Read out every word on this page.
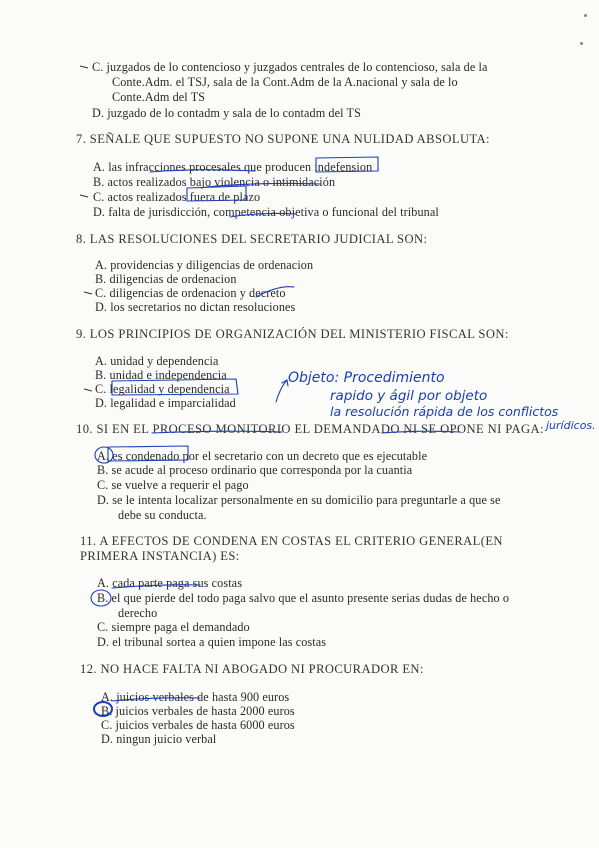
C. juzgados de lo contencioso y juzgados centrales de lo contencioso, sala de la
Conte.Adm. el TSJ, sala de la Cont.Adm de la A.nacional y sala de lo
Conte.Adm del TS
D. juzgado de lo contadm y sala de lo contadm del TS
7. SEÑALE QUE SUPUESTO NO SUPONE UNA NULIDAD ABSOLUTA:
A. las infracciones procesales que producen indefension
B. actos realizados bajo violencia o intimidación
C. actos realizados fuera de plazo
D. falta de jurisdicción, competencia objetiva o funcional del tribunal
8. LAS RESOLUCIONES DEL SECRETARIO JUDICIAL SON:
A. providencias y diligencias de ordenacion
B. diligencias de ordenacion
C. diligencias de ordenacion y decreto
D. los secretarios no dictan resoluciones
9. LOS PRINCIPIOS DE ORGANIZACIÓN DEL MINISTERIO FISCAL SON:
A. unidad y dependencia
B. unidad e independencia
C. legalidad y dependencia
D. legalidad e imparcialidad
10. SI EN EL PROCESO MONITORIO EL DEMANDADO NI SE OPONE NI PAGA:
A. es condenado por el secretario con un decreto que es ejecutable
B. se acude al proceso ordinario que corresponda por la cuantia
C. se vuelve a requerir el pago
D. se le intenta localizar personalmente en su domicilio para preguntarle a que se
debe su conducta.
11. A EFECTOS DE CONDENA EN COSTAS EL CRITERIO GENERAL(EN
PRIMERA INSTANCIA) ES:
A. cada parte paga sus costas
B. el que pierde del todo paga salvo que el asunto presente serias dudas de hecho o
derecho
C. siempre paga el demandado
D. el tribunal sortea a quien impone las costas
12. NO HACE FALTA NI ABOGADO NI PROCURADOR EN:
A. juicios verbales de hasta 900 euros
B. juicios verbales de hasta 2000 euros
C. juicios verbales de hasta 6000 euros
D. ningun juicio verbal
Objeto: Procedimiento
rapido y ágil por objeto
la resolución rápida de los conflictos
jurídicos.
